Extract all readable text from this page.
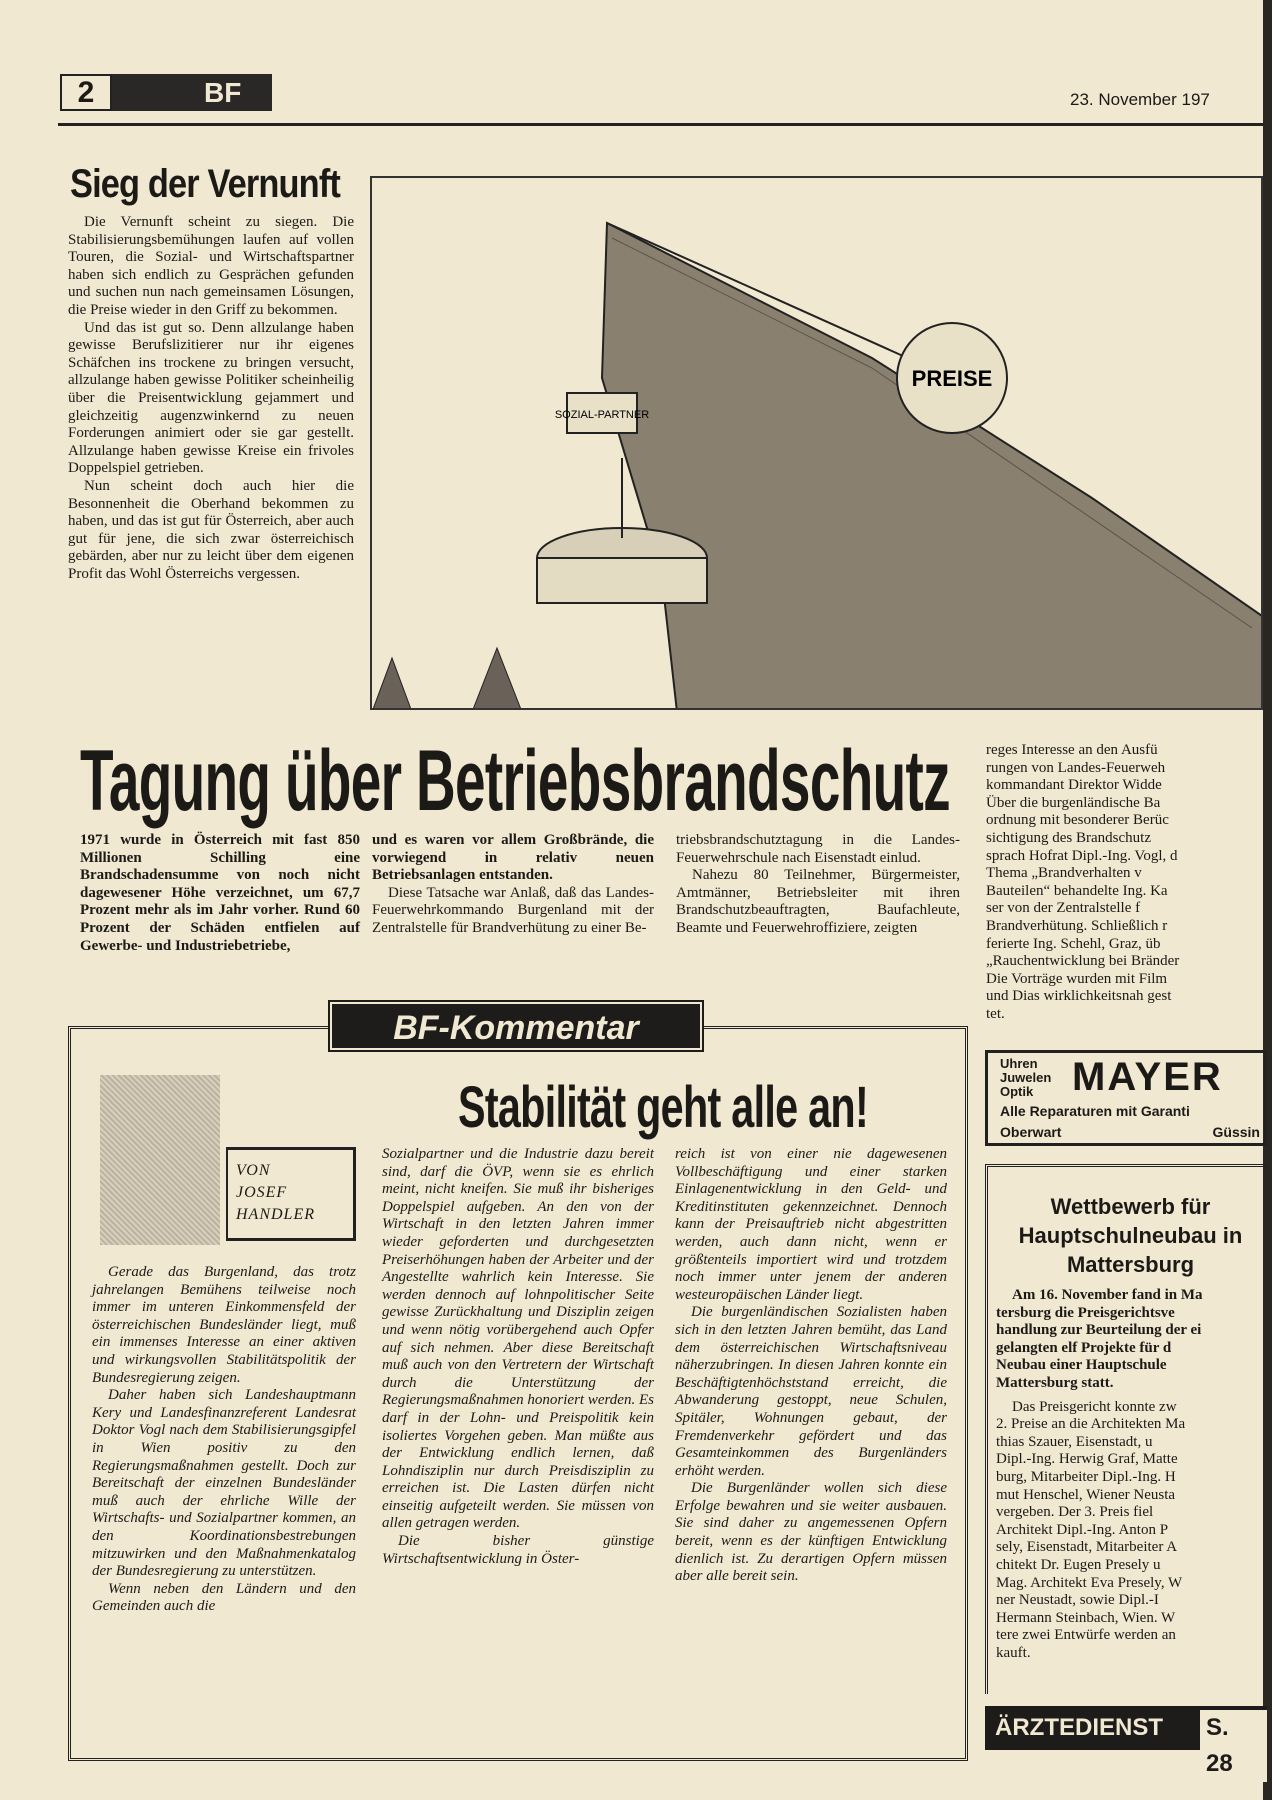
2	BF	23. November 197
Sieg der Vernunft

Die Vernunft scheint zu siegen. Die Stabilisierungsbemühungen laufen auf vollen Touren, die Sozial- und Wirtschaftspartner haben sich endlich zu Gesprächen gefunden und suchen nun nach gemeinsamen Lösungen, die Preise wieder in den Griff zu bekommen.

Und das ist gut so. Denn allzulange haben gewisse Berufslizitierer nur ihr eigenes Schäfchen ins trockene zu bringen versucht, allzulange haben gewisse Politiker scheinheilig über die Preisentwicklung gejammert und gleichzeitig augenzwinkernd zu neuen Forderungen animiert oder sie gar gestellt. Allzulange haben gewisse Kreise ein frivoles Doppelspiel getrieben.

Nun scheint doch auch hier die Besonnenheit die Oberhand bekommen zu haben, und das ist gut für Österreich, aber auch gut für jene, die sich zwar österreichisch gebärden, aber nur zu leicht über dem eigenen Profit das Wohl Österreichs vergessen.

PREISE
SOZIAL-PARTNER
Tagung über Betriebsbrandschutz
1971 wurde in Österreich mit fast 850 Millionen Schilling eine Brandschadensumme von noch nicht dagewesener Höhe verzeichnet, um 67,7 Prozent mehr als im Jahr vorher. Rund 60 Prozent der Schäden entfielen auf Gewerbe- und Industriebetriebe,
und es waren vor allem Großbrände, die vorwiegend in relativ neuen Betriebsanlagen entstanden.

Diese Tatsache war Anlaß, daß das Landes-Feuerwehrkommando Burgenland mit der Zentralstelle für Brandverhütung zu einer Be-

triebsbrandschutztagung in die Landes-Feuerwehrschule nach Eisenstadt einlud.

Nahezu 80 Teilnehmer, Bürgermeister, Amtmänner, Betriebsleiter mit ihren Brandschutzbeauftragten, Baufachleute, Beamte und Feuerwehroffiziere, zeigten

reges Interesse an den Ausfü
rungen von Landes-Feuerweh
kommandant Direktor Widde
Über die burgenländische Ba
ordnung mit besonderer Berüc
sichtigung des Brandschutz
sprach Hofrat Dipl.-Ing. Vogl, d
Thema „Brandverhalten v
Bauteilen“ behandelte Ing. Ka
ser von der Zentralstelle f
Brandverhütung. Schließlich r
ferierte Ing. Schehl, Graz, üb
„Rauchentwicklung bei Bränder
Die Vorträge wurden mit Film
und Dias wirklichkeitsnah gest
tet.
BF-Kommentar
VON
JOSEF
HANDLER
Stabilität geht alle an!

Gerade das Burgenland, das trotz jahrelangen Bemühens teilweise noch immer im unteren Einkommensfeld der österreichischen Bundesländer liegt, muß ein immenses Interesse an einer aktiven und wirkungsvollen Stabilitätspolitik der Bundesregierung zeigen.

Daher haben sich Landeshauptmann Kery und Landesfinanzreferent Landesrat Doktor Vogl nach dem Stabilisierungsgipfel in Wien positiv zu den Regierungsmaßnahmen gestellt. Doch zur Bereitschaft der einzelnen Bundesländer muß auch der ehrliche Wille der Wirtschafts- und Sozialpartner kommen, an den Koordinationsbestrebungen mitzuwirken und den Maßnahmenkatalog der Bundesregierung zu unterstützen.

Wenn neben den Ländern und den Gemeinden auch die

Sozialpartner und die Industrie dazu bereit sind, darf die ÖVP, wenn sie es ehrlich meint, nicht kneifen. Sie muß ihr bisheriges Doppelspiel aufgeben. An den von der Wirtschaft in den letzten Jahren immer wieder geforderten und durchgesetzten Preiserhöhungen haben der Arbeiter und der Angestellte wahrlich kein Interesse. Sie werden dennoch auf lohnpolitischer Seite gewisse Zurückhaltung und Disziplin zeigen und wenn nötig vorübergehend auch Opfer auf sich nehmen. Aber diese Bereitschaft muß auch von den Vertretern der Wirtschaft durch die Unterstützung der Regierungsmaßnahmen honoriert werden. Es darf in der Lohn- und Preispolitik kein isoliertes Vorgehen geben. Man müßte aus der Entwicklung endlich lernen, daß Lohndisziplin nur durch Preisdisziplin zu erreichen ist. Die Lasten dürfen nicht einseitig aufgeteilt werden. Sie müssen von allen getragen werden.

Die bisher günstige Wirtschaftsentwicklung in Öster-

reich ist von einer nie dagewesenen Vollbeschäftigung und einer starken Einlagenentwicklung in den Geld- und Kreditinstituten gekennzeichnet. Dennoch kann der Preisauftrieb nicht abgestritten werden, auch dann nicht, wenn er größtenteils importiert wird und trotzdem noch immer unter jenem der anderen westeuropäischen Länder liegt.

Die burgenländischen Sozialisten haben sich in den letzten Jahren bemüht, das Land dem österreichischen Wirtschaftsniveau näherzubringen. In diesen Jahren konnte ein Beschäftigtenhöchststand erreicht, die Abwanderung gestoppt, neue Schulen, Spitäler, Wohnungen gebaut, der Fremdenverkehr gefördert und das Gesamteinkommen des Burgenländers erhöht werden.

Die Burgenländer wollen sich diese Erfolge bewahren und sie weiter ausbauen. Sie sind daher zu angemessenen Opfern bereit, wenn es der künftigen Entwicklung dienlich ist. Zu derartigen Opfern müssen aber alle bereit sein.

Uhren
Juwelen
Optik MAYER
Alle Reparaturen mit Garanti
Oberwart	Güssin
Wettbewerb für Hauptschulneubau in Mattersburg
Am 16. November fand in Ma
tersburg die Preisgerichtsve
handlung zur Beurteilung der ei
gelangten elf Projekte für d
Neubau einer Hauptschule
Mattersburg statt.
Das Preisgericht konnte zw
2. Preise an die Architekten Ma
thias Szauer, Eisenstadt, u
Dipl.-Ing. Herwig Graf, Matte
burg, Mitarbeiter Dipl.-Ing. H
mut Henschel, Wiener Neusta
vergeben. Der 3. Preis fiel
Architekt Dipl.-Ing. Anton P
sely, Eisenstadt, Mitarbeiter A
chitekt Dr. Eugen Presely u
Mag. Architekt Eva Presely, W
ner Neustadt, sowie Dipl.-I
Hermann Steinbach, Wien. W
tere zwei Entwürfe werden an
kauft.
ÄRZTEDIENST S. 28
